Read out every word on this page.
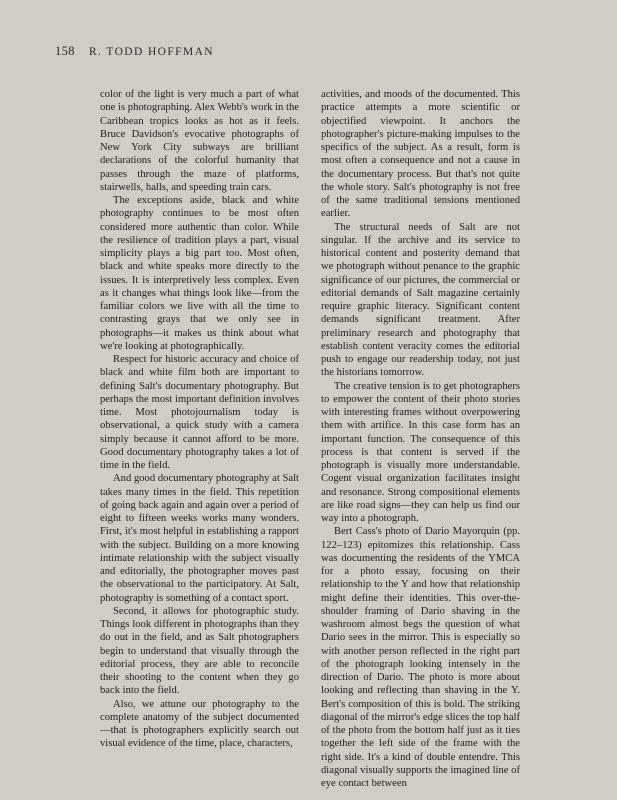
158 R. TODD HOFFMAN

color of the light is very much a part of what one is photographing. Alex Webb's work in the Caribbean tropics looks as hot as it feels. Bruce Davidson's evocative photographs of New York City subways are brilliant declarations of the colorful humanity that passes through the maze of platforms, stairwells, halls, and speeding train cars.

The exceptions aside, black and white photography continues to be most often considered more authentic than color. While the resilience of tradition plays a part, visual simplicity plays a big part too. Most often, black and white speaks more directly to the issues. It is interpretively less complex. Even as it changes what things look like—from the familiar colors we live with all the time to contrasting grays that we only see in photographs—it makes us think about what we're looking at photographically.

Respect for historic accuracy and choice of black and white film both are important to defining Salt's documentary photography. But perhaps the most important definition involves time. Most photojournalism today is observational, a quick study with a camera simply because it cannot afford to be more. Good documentary photography takes a lot of time in the field.

And good documentary photography at Salt takes many times in the field. This repetition of going back again and again over a period of eight to fifteen weeks works many wonders. First, it's most helpful in establishing a rapport with the subject. Building on a more knowing intimate relationship with the subject visually and editorially, the photographer moves past the observational to the participatory. At Salt, photography is something of a contact sport.

Second, it allows for photographic study. Things look different in photographs than they do out in the field, and as Salt photographers begin to understand that visually through the editorial process, they are able to reconcile their shooting to the content when they go back into the field.

Also, we attune our photography to the complete anatomy of the subject documented—that is photographers explicitly search out visual evidence of the time, place, characters,

activities, and moods of the documented. This practice attempts a more scientific or objectified viewpoint. It anchors the photographer's picture-making impulses to the specifics of the subject. As a result, form is most often a consequence and not a cause in the documentary process. But that's not quite the whole story. Salt's photography is not free of the same traditional tensions mentioned earlier.

The structural needs of Salt are not singular. If the archive and its service to historical content and posterity demand that we photograph without penance to the graphic significance of our pictures, the commercial or editorial demands of Salt magazine certainly require graphic literacy. Significant content demands significant treatment. After preliminary research and photography that establish content veracity comes the editorial push to engage our readership today, not just the historians tomorrow.

The creative tension is to get photographers to empower the content of their photo stories with interesting frames without overpowering them with artifice. In this case form has an important function. The consequence of this process is that content is served if the photograph is visually more understandable. Cogent visual organization facilitates insight and resonance. Strong compositional elements are like road signs—they can help us find our way into a photograph.

Bert Cass's photo of Dario Mayorquin (pp. 122–123) epitomizes this relationship. Cass was documenting the residents of the YMCA for a photo essay, focusing on their relationship to the Y and how that relationship might define their identities. This over-the-shoulder framing of Dario shaving in the washroom almost begs the question of what Dario sees in the mirror. This is especially so with another person reflected in the right part of the photograph looking intensely in the direction of Dario. The photo is more about looking and reflecting than shaving in the Y. Bert's composition of this is bold. The striking diagonal of the mirror's edge slices the top half of the photo from the bottom half just as it ties together the left side of the frame with the right side. It's a kind of double entendre. This diagonal visually supports the imagined line of eye contact between
